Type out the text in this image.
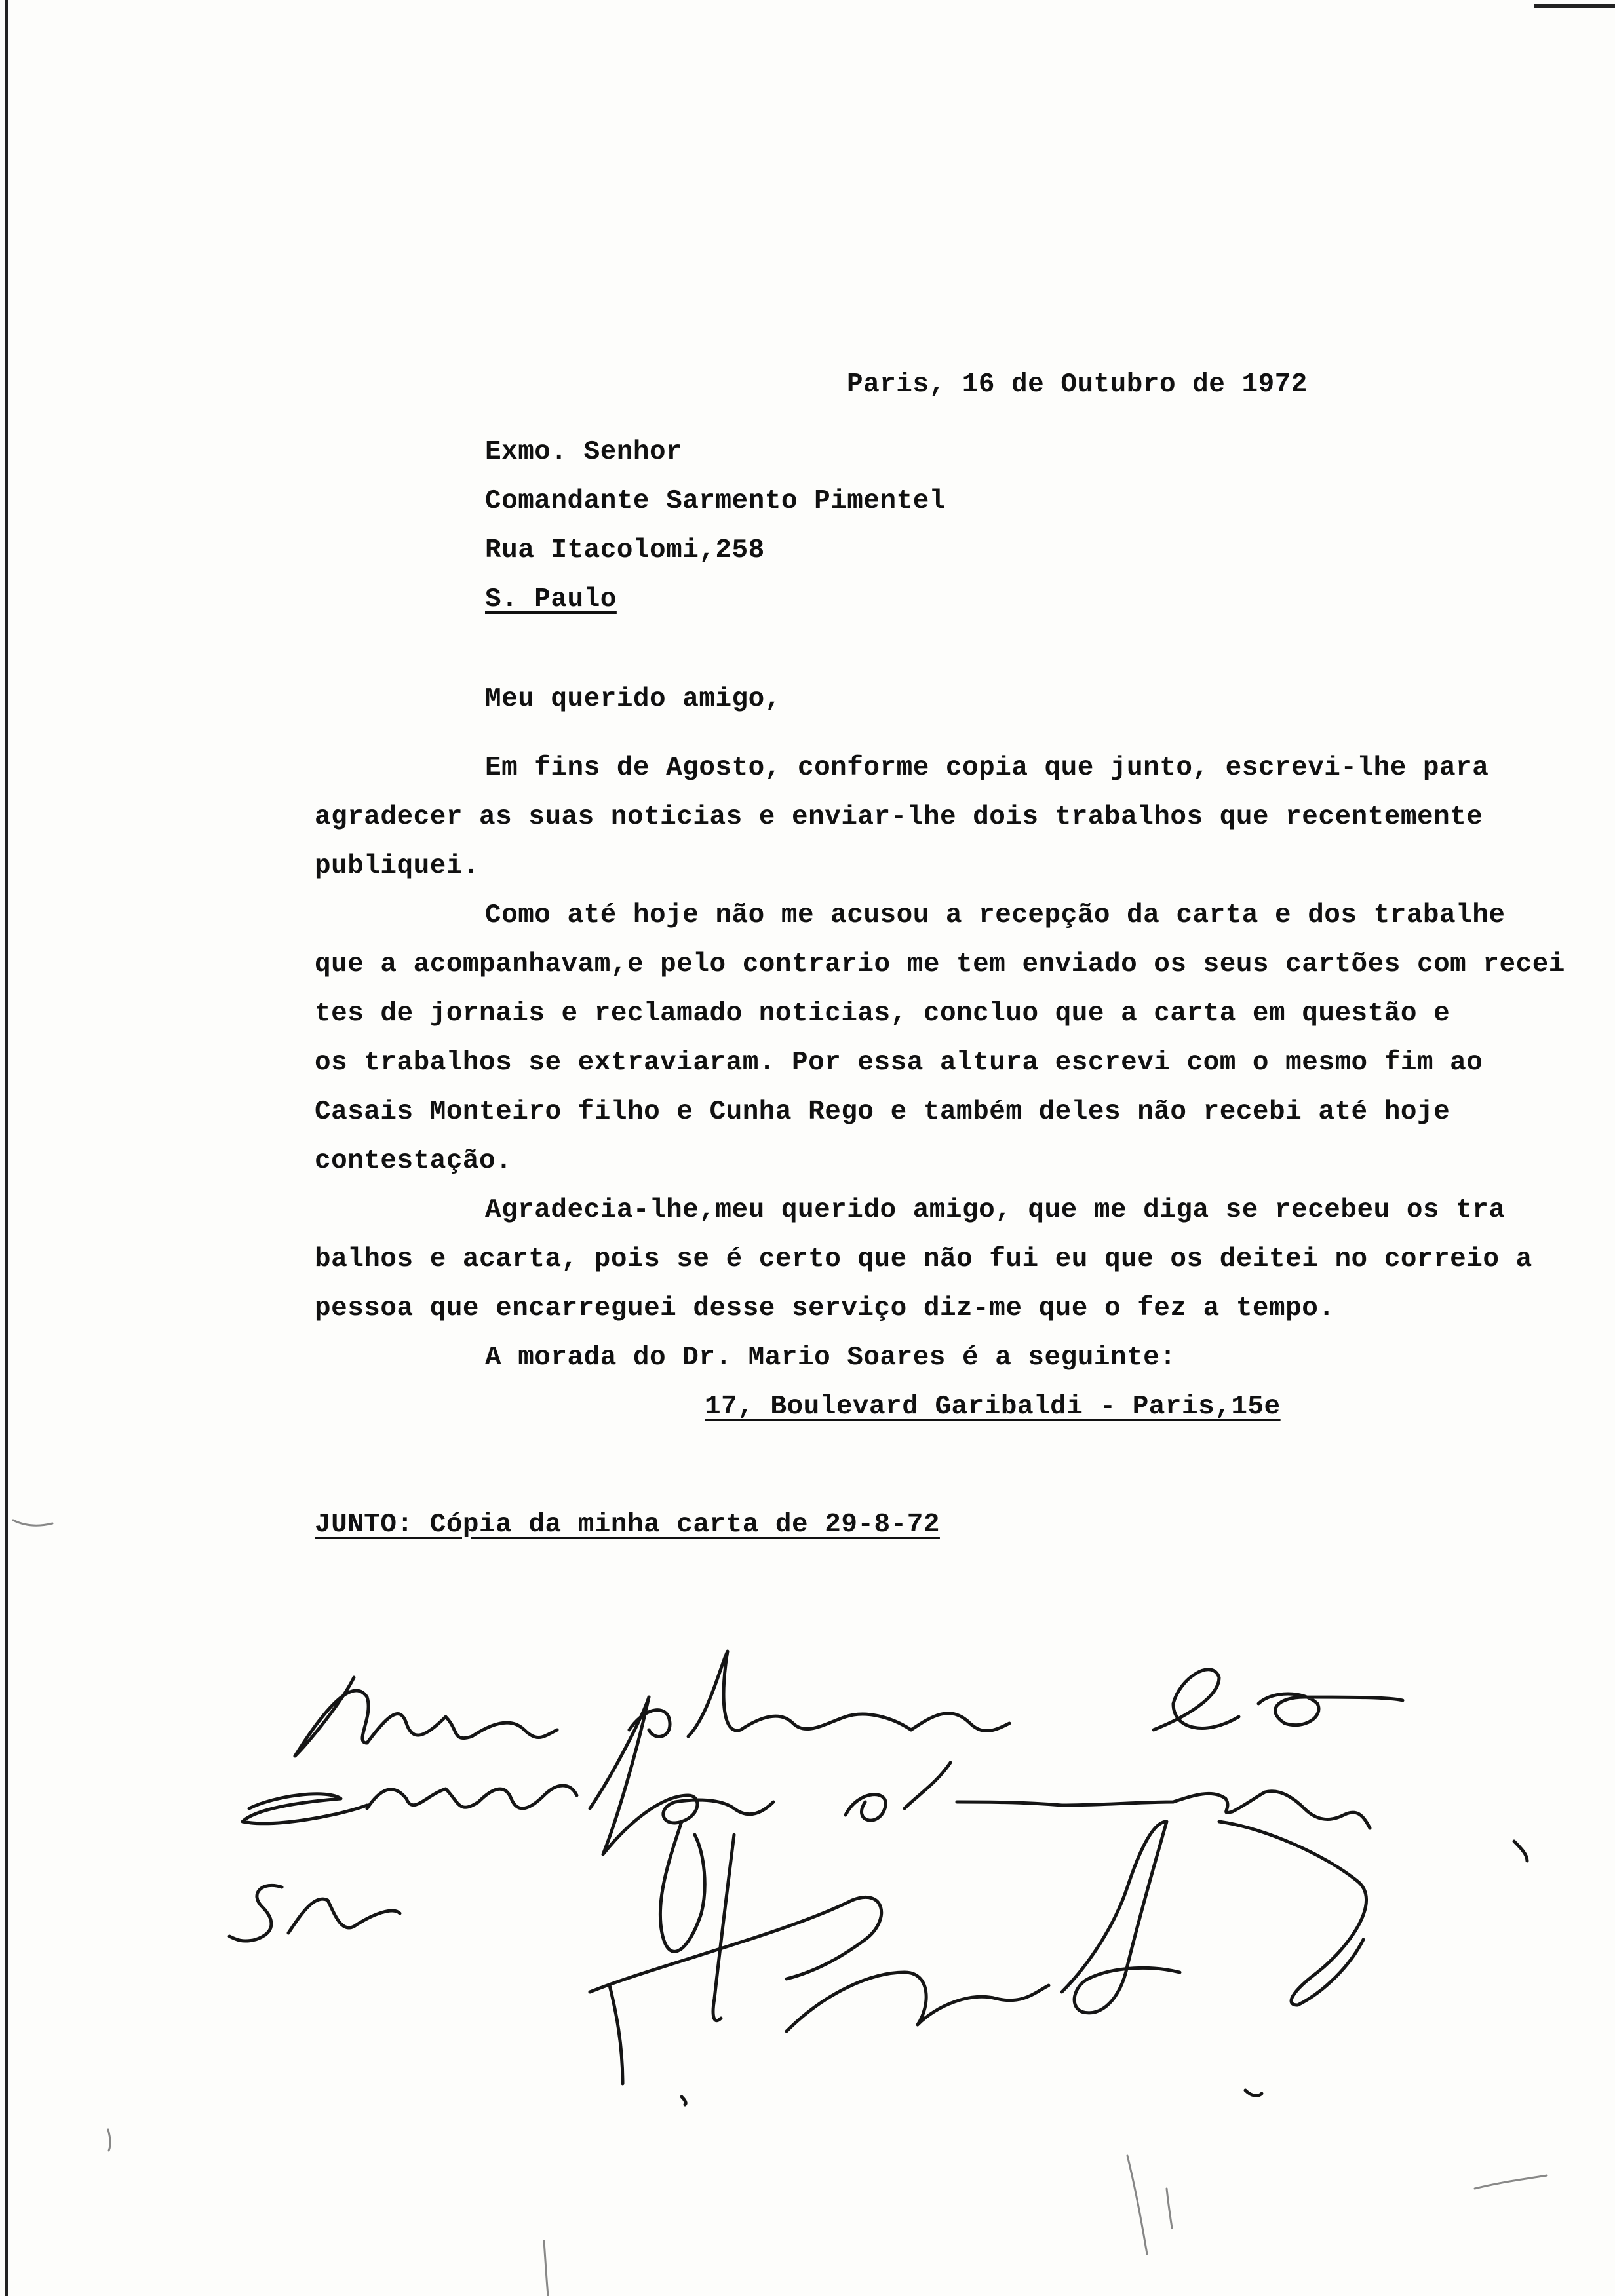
Paris, 16 de Outubro de 1972
Exmo. Senhor
Comandante Sarmento Pimentel
Rua Itacolomi,258
S. Paulo
Meu querido amigo,
Em fins de Agosto, conforme copia que junto, escrevi-lhe para
agradecer as suas noticias e enviar-lhe dois trabalhos que recentemente
publiquei.
Como até hoje não me acusou a recepção da carta e dos trabalhe
que a acompanhavam,e pelo contrario me tem enviado os seus cartões com recei
tes de jornais e reclamado noticias, concluo que a carta em questão e
os trabalhos se extraviaram. Por essa altura escrevi com o mesmo fim ao
Casais Monteiro filho e Cunha Rego e também deles não recebi até hoje
contestação.
Agradecia-lhe,meu querido amigo, que me diga se recebeu os tra
balhos e acarta, pois se é certo que não fui eu que os deitei no correio a
pessoa que encarreguei desse serviço diz-me que o fez a tempo.
A morada do Dr. Mario Soares é a seguinte:
17, Boulevard Garibaldi - Paris,15e
JUNTO: Cópia da minha carta de 29-8-72
